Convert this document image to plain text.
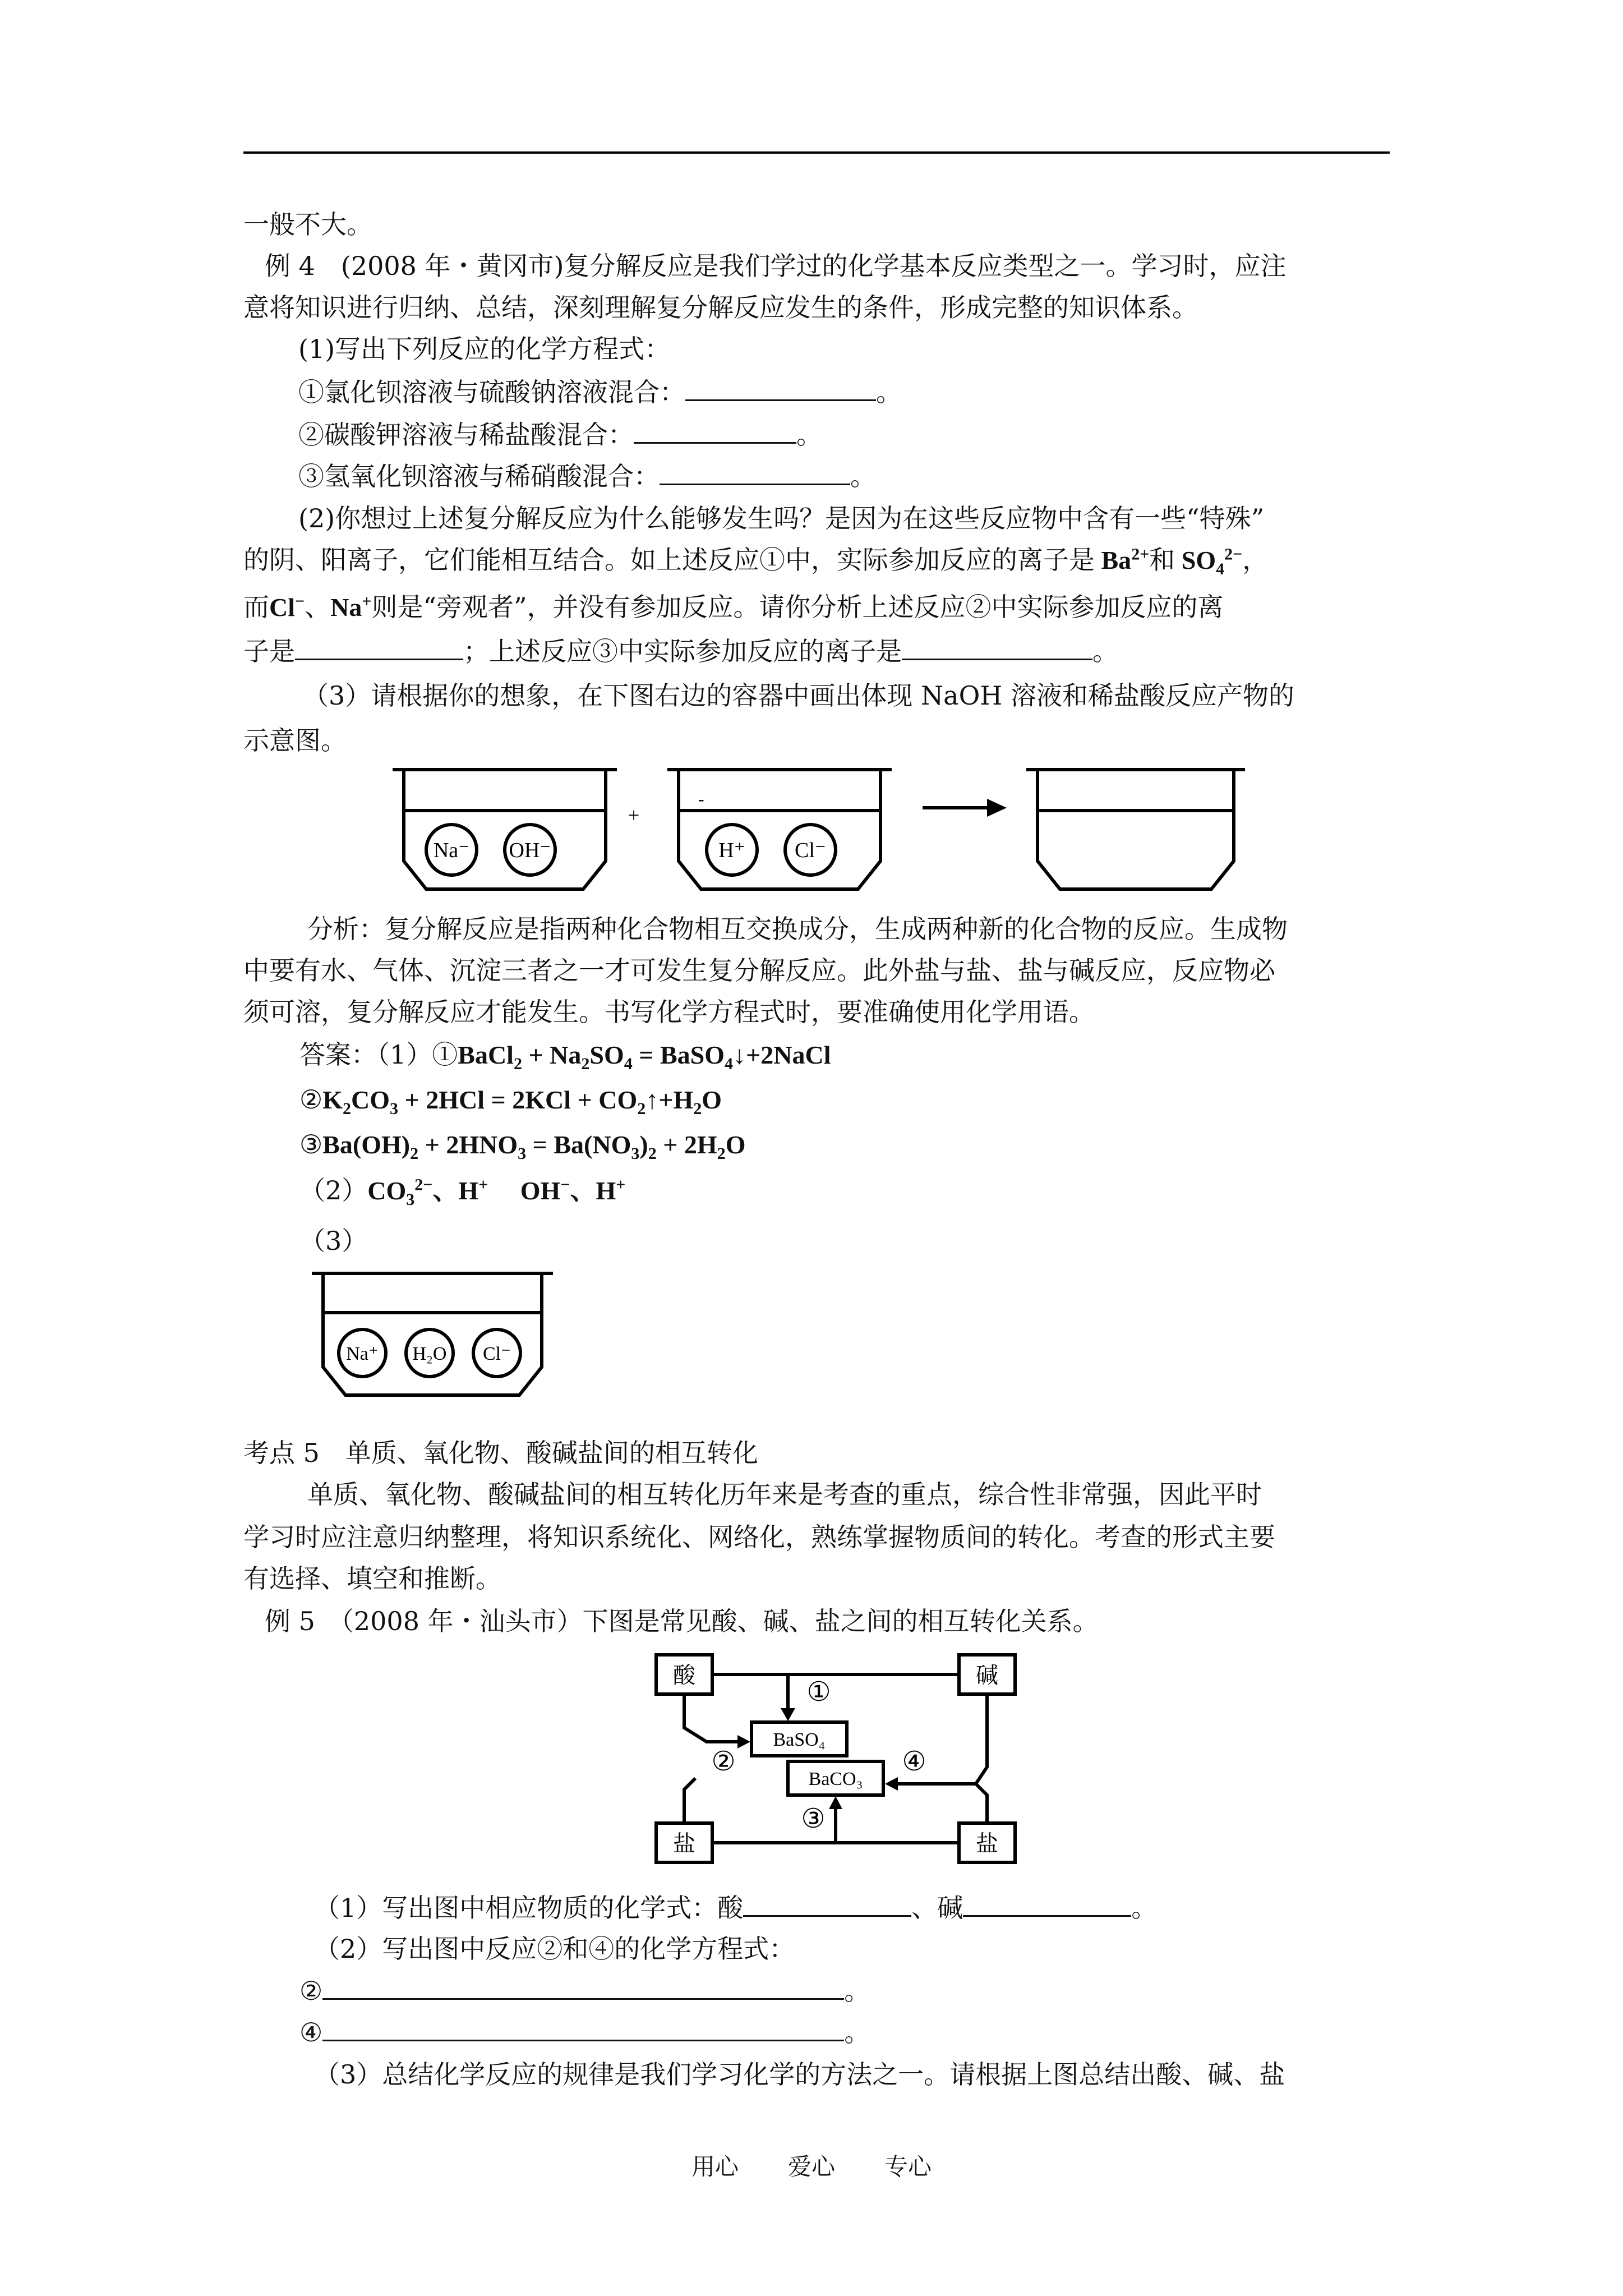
一般不大。
例 4　(2008 年・黄冈市)复分解反应是我们学过的化学基本反应类型之一。学习时，应注
意将知识进行归纳、总结，深刻理解复分解反应发生的条件，形成完整的知识体系。
(1)写出下列反应的化学方程式：
①氯化钡溶液与硫酸钠溶液混合：	。
②碳酸钾溶液与稀盐酸混合：	。
③氢氧化钡溶液与稀硝酸混合：	。
(2)你想过上述复分解反应为什么能够发生吗？是因为在这些反应物中含有一些“特殊”
的阴、阳离子，它们能相互结合。如上述反应①中，实际参加反应的离子是 $Ba^{2+}$和 $SO_4^{2-}$，
而Cl−、Na+则是“旁观者”，并没有参加反应。请你分析上述反应②中实际参加反应的离
子是	；上述反应③中实际参加反应的离子是	。
（3）请根据你的想象，在下图右边的容器中画出体现 NaOH 溶液和稀盐酸反应产物的
示意图。
Na⁻ OH⁻
+
-
H⁺ Cl⁻
分析：复分解反应是指两种化合物相互交换成分，生成两种新的化合物的反应。生成物
中要有水、气体、沉淀三者之一才可发生复分解反应。此外盐与盐、盐与碱反应，反应物必
须可溶，复分解反应才能发生。书写化学方程式时，要准确使用化学用语。
答案：（1）①BaCl$_2$ + $Na_2SO_4$ = BaSO$_4$↓+2NaCl
$②K_2CO_3 + 2HCl = 2KCl$ + $CO_2↑+H_2O$
$③Ba(OH)_2 + 2HNO_3 = Ba(NO_3)_2 + 2H_2O$
$(2)CO_3^{2-}$、H+　 OH−、H+
（3）
Na⁺ H₂O Cl⁻
考点 5　单质、氧化物、酸碱盐间的相互转化
单质、氧化物、酸碱盐间的相互转化历年来是考查的重点，综合性非常强，因此平时
学习时应注意归纳整理，将知识系统化、网络化，熟练掌握物质间的转化。考查的形式主要
有选择、填空和推断。
例 5　（2008 年・汕头市）下图是常见酸、碱、盐之间的相互转化关系。
酸	碱
盐	盐
BaSO₄
BaCO₃
①
②
③
④
（1）写出图中相应物质的化学式：酸	、碱	。
（2）写出图中反应②和④的化学方程式：
②	。
④	。
（3）总结化学反应的规律是我们学习化学的方法之一。请根据上图总结出酸、碱、盐
用心 爱心 专心
